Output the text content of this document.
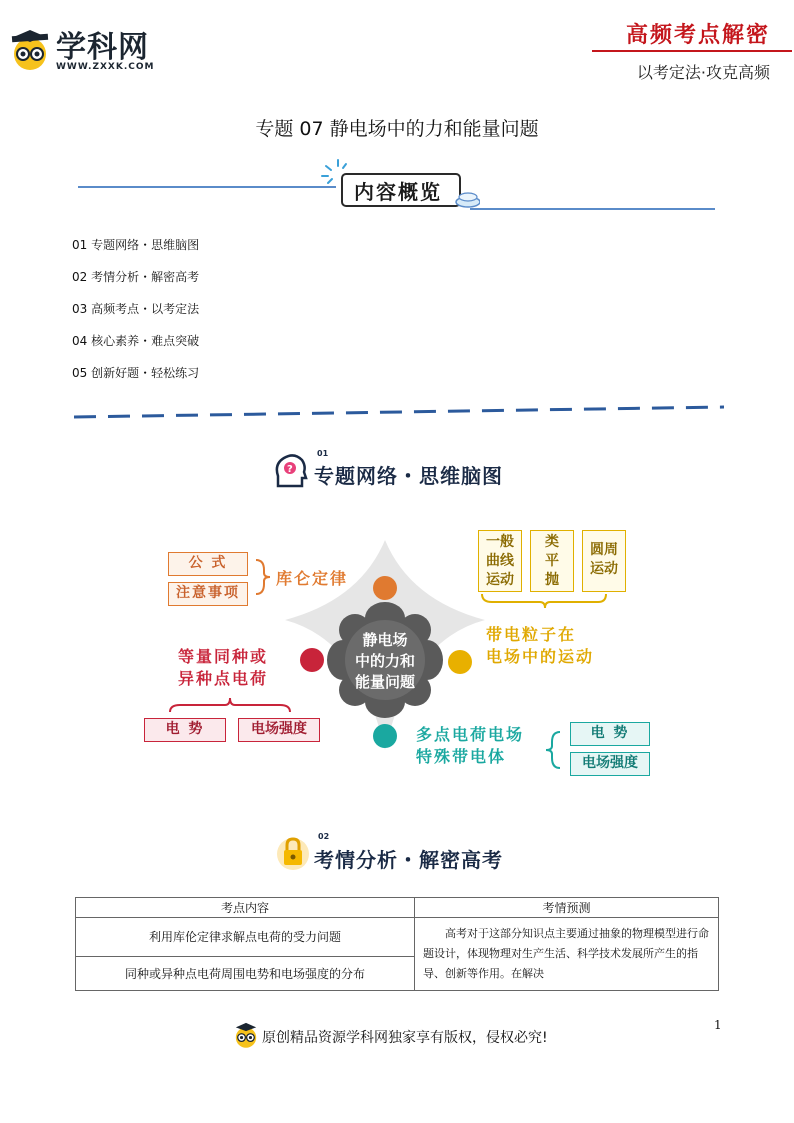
学科网
WWW.ZXXK.COM
高频考点解密
以考定法·攻克高频
专题 07 静电场中的力和能量问题
内容概览
01 专题网络・思维脑图
02 考情分析・解密高考
03 高频考点・以考定法
04 核心素养・难点突破
05 创新好题・轻松练习
?
01
专题网络・思维脑图
静电场
中的力和
能量问题
公 式
注意事项
库仑定律
一般
曲线
运动
类
平
抛
圆周
运动
带电粒子在
电场中的运动
等量同种或
异种点电荷
电 势	电场强度	多点电荷电场
特殊带电体
电 势
电场强度
02
考情分析・解密高考
考点内容	考情预测
利用库伦定律求解点电荷的受力问题	高考对于这部分知识点主要通过抽象的物理模型进行命题设计，体现物理对生产生活、科学技术发展所产生的指导、创新等作用。在解决

同种或异种点电荷周围电势和电场强度的分布	
1
原创精品资源学科网独家享有版权，侵权必究!
